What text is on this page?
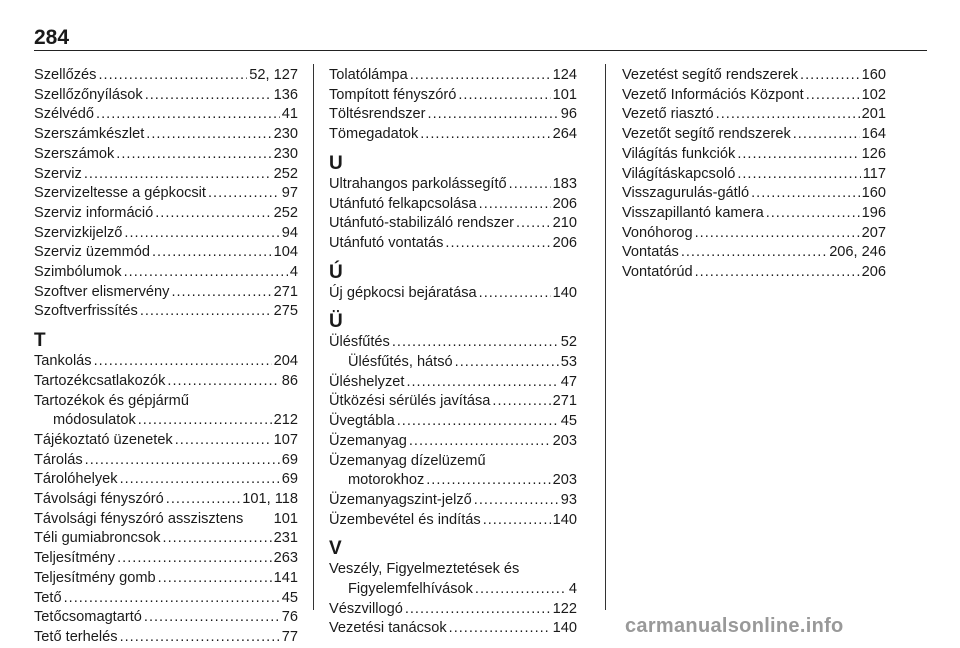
284
Szellőzés .....	52, 127
Szellőzőnyílások .....	136
Szélvédő .....	41
Szerszámkészlet .....	230
Szerszámok .....	230
Szerviz .....	252
Szervizeltesse a gépkocsit .....	97
Szerviz információ .....	252
Szervizkijelző .....	94
Szerviz üzemmód .....	104
Szimbólumok .....	4
Szoftver elismervény .....	271
Szoftverfrissítés .....	275
T
Tankolás .....	204
Tartozékcsatlakozók .....	86
Tartozékok és gépjármű
módosulatok .....	212
Tájékoztató üzenetek .....	107
Tárolás .....	69
Tárolóhelyek .....	69
Távolsági fényszóró .....	101, 118
Távolsági fényszóró asszisztens 101
Téli gumiabroncsok .....	231
Teljesítmény .....	263
Teljesítmény gomb .....	141
Tető .....	45
Tetőcsomagtartó .....	76
Tető terhelés .....	77
Tolatólámpa .....	124
Tompított fényszóró .....	101
Töltésrendszer .....	96
Tömegadatok .....	264
U
Ultrahangos parkolássegítő .....	183
Utánfutó felkapcsolása .....	206
Utánfutó-stabilizáló rendszer .....	210
Utánfutó vontatás .....	206
Ú
Új gépkocsi bejáratása .....	140
Ü
Ülésfűtés .....	52
Ülésfűtés, hátsó .....	53
Üléshelyzet .....	47
Ütközési sérülés javítása .....	271
Üvegtábla .....	45
Üzemanyag .....	203
Üzemanyag dízelüzemű
motorokhoz .....	203
Üzemanyagszint-jelző .....	93
Üzembevétel és indítás .....	140
V
Veszély, Figyelmeztetések és
Figyelemfelhívások .....	4
Vészvillogó .....	122
Vezetési tanácsok .....	140
Vezetést segítő rendszerek .....	160
Vezető Információs Központ .....	102
Vezető riasztó .....	201
Vezetőt segítő rendszerek .....	164
Világítás funkciók .....	126
Világításkapcsoló .....	117
Visszagurulás-gátló .....	160
Visszapillantó kamera .....	196
Vonóhorog .....	207
Vontatás .....	206, 246
Vontatórúd .....	206
carmanualsonline.info
